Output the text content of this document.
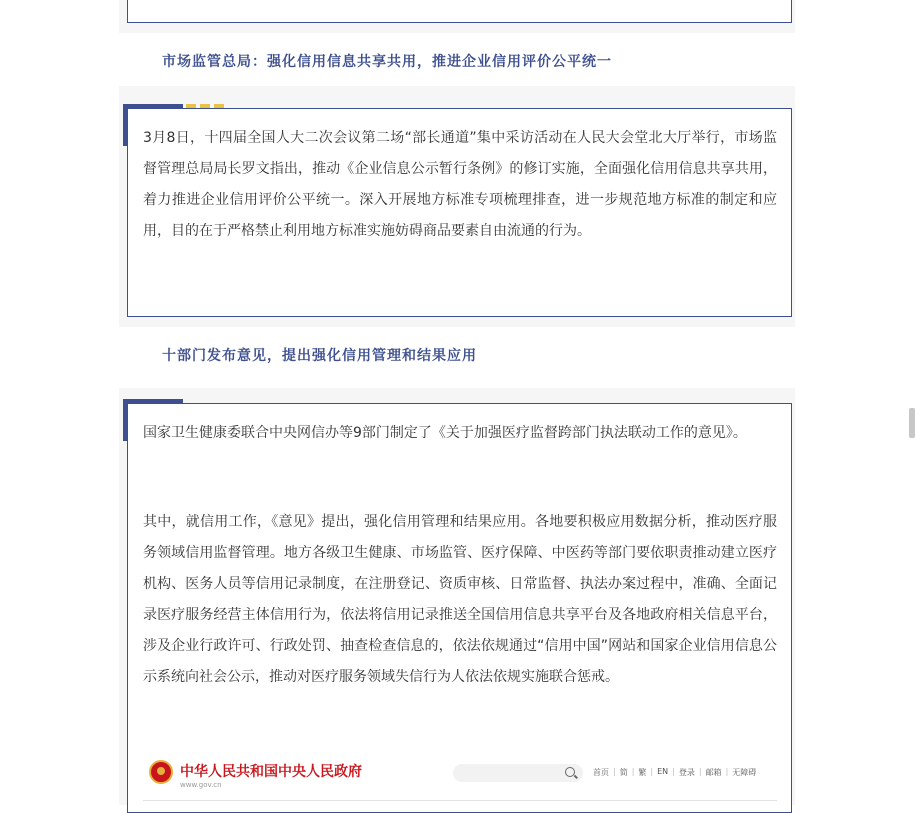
市场监管总局：强化信用信息共享共用，推进企业信用评价公平统一

3月8日，十四届全国人大二次会议第二场“部长通道”集中采访活动在人民大会堂北大厅举行，市场监督管理总局局长罗文指出，推动《企业信息公示暂行条例》的修订实施，全面强化信用信息共享共用，着力推进企业信用评价公平统一。深入开展地方标准专项梳理排查，进一步规范地方标准的制定和应用，目的在于严格禁止利用地方标准实施妨碍商品要素自由流通的行为。

十部门发布意见，提出强化信用管理和结果应用

国家卫生健康委联合中央网信办等9部门制定了《关于加强医疗监督跨部门执法联动工作的意见》。

其中，就信用工作，《意见》提出，强化信用管理和结果应用。各地要积极应用数据分析，推动医疗服务领域信用监督管理。地方各级卫生健康、市场监管、医疗保障、中医药等部门要依职责推动建立医疗机构、医务人员等信用记录制度，在注册登记、资质审核、日常监督、执法办案过程中，准确、全面记录医疗服务经营主体信用行为，依法将信用记录推送全国信用信息共享平台及各地政府相关信息平台，涉及企业行政许可、行政处罚、抽查检查信息的，依法依规通过“信用中国”网站和国家企业信用信息公示系统向社会公示，推动对医疗服务领域失信行为人依法依规实施联合惩戒。

中华人民共和国中央人民政府
www.gov.cn
首页 | 简 | 繁 | EN | 登录 | 邮箱 | 无障碍
